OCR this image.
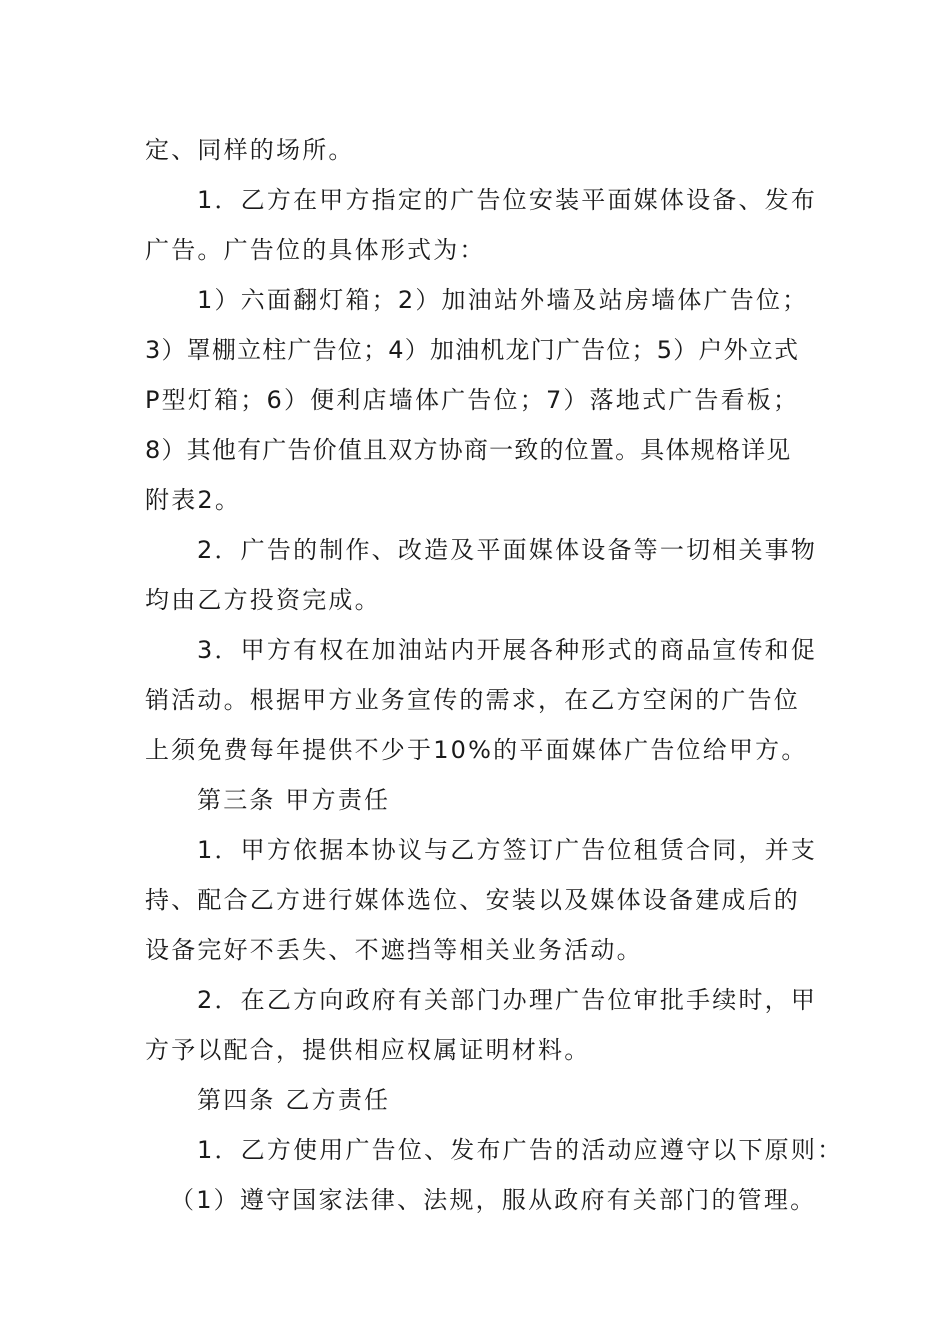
定、同样的场所。
1．乙方在甲方指定的广告位安装平面媒体设备、发布
广告。广告位的具体形式为：
1）六面翻灯箱；2）加油站外墙及站房墙体广告位；
3）罩棚立柱广告位；4）加油机龙门广告位；5）户外立式
P型灯箱；6）便利店墙体广告位；7）落地式广告看板；
8）其他有广告价值且双方协商一致的位置。具体规格详见
附表2。
2．广告的制作、改造及平面媒体设备等一切相关事物
均由乙方投资完成。
3．甲方有权在加油站内开展各种形式的商品宣传和促
销活动。根据甲方业务宣传的需求，在乙方空闲的广告位
上须免费每年提供不少于10%的平面媒体广告位给甲方。
第三条 甲方责任
1．甲方依据本协议与乙方签订广告位租赁合同，并支
持、配合乙方进行媒体选位、安装以及媒体设备建成后的
设备完好不丢失、不遮挡等相关业务活动。
2．在乙方向政府有关部门办理广告位审批手续时，甲
方予以配合，提供相应权属证明材料。
第四条 乙方责任
1．乙方使用广告位、发布广告的活动应遵守以下原则：
（1）遵守国家法律、法规，服从政府有关部门的管理。
